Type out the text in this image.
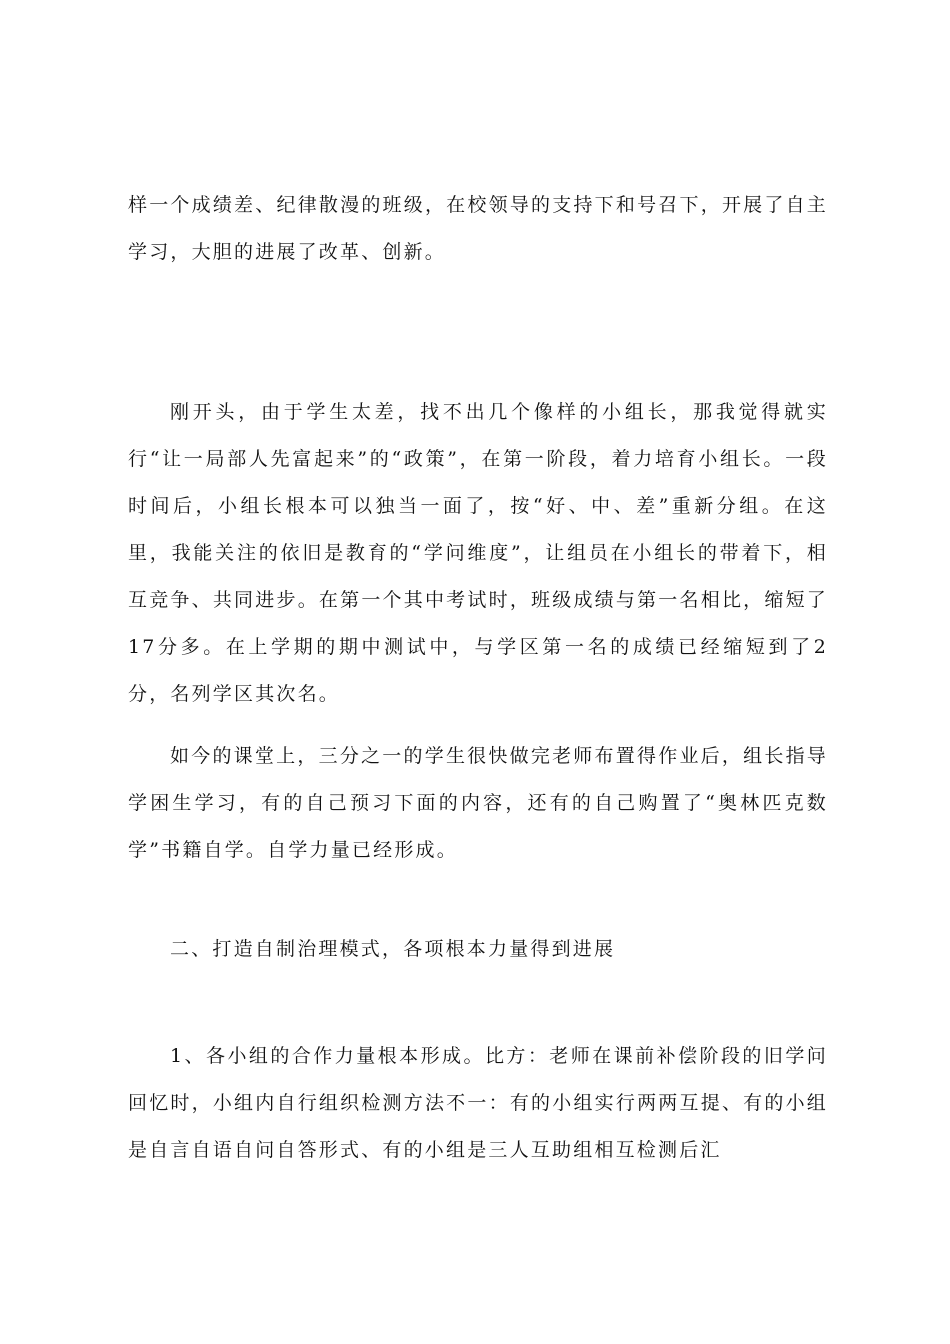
样一个成绩差、纪律散漫的班级，在校领导的支持下和号召下，开展了自主学习，大胆的进展了改革、创新。

刚开头，由于学生太差，找不出几个像样的小组长，那我觉得就实行“让一局部人先富起来”的“政策”，在第一阶段，着力培育小组长。一段时间后，小组长根本可以独当一面了，按“好、中、差”重新分组。在这里，我能关注的依旧是教育的“学问维度”，让组员在小组长的带着下，相互竞争、共同进步。在第一个其中考试时，班级成绩与第一名相比，缩短了17分多。在上学期的期中测试中，与学区第一名的成绩已经缩短到了2分，名列学区其次名。

如今的课堂上，三分之一的学生很快做完老师布置得作业后，组长指导学困生学习，有的自己预习下面的内容，还有的自己购置了“奥林匹克数学”书籍自学。自学力量已经形成。

二、打造自制治理模式，各项根本力量得到进展

1、各小组的合作力量根本形成。比方：老师在课前补偿阶段的旧学问回忆时，小组内自行组织检测方法不一：有的小组实行两两互提、有的小组是自言自语自问自答形式、有的小组是三人互助组相互检测后汇
